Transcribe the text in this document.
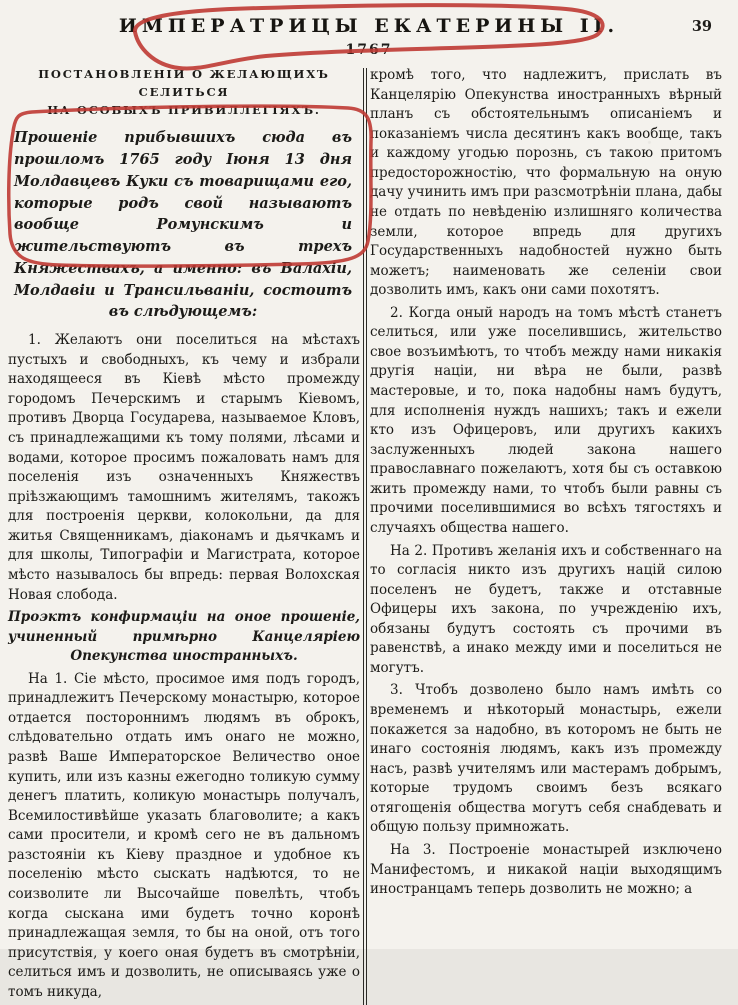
ИМПЕРАТРИЦЫ ЕКАТЕРИНЫ II.
1767
39
ПОСТАНОВЛЕНІИ О ЖЕЛАЮЩИХЪ СЕЛИТЬСЯ
НА ОСОБЫХЪ ПРИВИЛЛЕГІЯХЪ.

Прошеніе прибывшихъ сюда въ прошломъ 1765 году Іюня 13 дня Молдавцевъ Куки съ товарищами его, которые родъ свой называютъ вообще Ромунскимъ и жительствуютъ въ трехъ Княжествахъ, а именно: въ Валахіи, Молдавіи и Трансильваніи, состоитъ въ слѣдующемъ:

1. Желаютъ они поселиться на мѣстахъ пустыхъ и свободныхъ, къ чему и избрали находящееся въ Кіевѣ мѣсто промежду городомъ Печерскимъ и старымъ Кіевомъ, противъ Дворца Государева, называемое Кловъ, съ принадлежащими къ тому полями, лѣсами и водами, которое просимъ пожаловать намъ для поселенія изъ означенныхъ Княжествъ пріѣзжающимъ тамошнимъ жителямъ, такожъ для построенія церкви, колокольни, да для житья Священникамъ, діаконамъ и дьячкамъ и для школы, Типографіи и Магистрата, которое мѣсто называлось бы впредь: первая Волохская Новая слобода.

Проэктъ конфирмаціи на оное прошеніе, учиненный примѣрно Канцеляріею Опекунства иностранныхъ.

На 1. Сіе мѣсто, просимое имя подъ городъ, принадлежитъ Печерскому монастырю, которое отдается постороннимъ людямъ въ оброкъ, слѣдовательно отдать имъ онаго не можно, развѣ Ваше Императорское Величество оное купить, или изъ казны ежегодно толикую сумму денегъ платить, коликую монастырь получалъ, Всемилостивѣйше указать благоволите; а какъ сами просители, и кромѣ сего не въ дальномъ разстояніи къ Кіеву праздное и удобное къ поселенію мѣсто сыскать надѣются, то не соизволите ли Высочайше повелѣть, чтобъ когда сыскана ими будетъ точно коронѣ принадлежащая земля, то бы на оной, отъ того присутствія, у коего оная будетъ въ смотрѣніи, селиться имъ и дозволить, не описываясь уже о томъ никуда,

кромѣ того, что надлежитъ, прислать въ Канцелярію Опекунства иностранныхъ вѣрный планъ съ обстоятельнымъ описаніемъ и показаніемъ числа десятинъ какъ вообще, такъ и каждому угодью порознь, съ такою притомъ предосторожностію, что формальную на оную дачу учинить имъ при разсмотрѣніи плана, дабы не отдать по невѣденію излишняго количества земли, которое впредь для другихъ Государственныхъ надобностей нужно быть можетъ; наименовать же селеніи свои дозволить имъ, какъ они сами похотятъ.

2. Когда оный народъ на томъ мѣстѣ станетъ селиться, или уже поселившись, жительство свое возъимѣютъ, то чтобъ между нами никакія другія націи, ни вѣра не были, развѣ мастеровые, и то, пока надобны намъ будутъ, для исполненія нуждъ нашихъ; такъ и ежели кто изъ Офицеровъ, или другихъ какихъ заслуженныхъ людей закона нашего православнаго пожелаютъ, хотя бы съ оставкою жить промежду нами, то чтобъ были равны съ прочими поселившимися во всѣхъ тягостяхъ и случаяхъ общества нашего.

На 2. Противъ желанія ихъ и собственнаго на то согласія никто изъ другихъ націй силою поселенъ не будетъ, также и отставные Офицеры ихъ закона, по учрежденію ихъ, обязаны будутъ состоять съ прочими въ равенствѣ, а инако между ими и поселиться не могутъ.

3. Чтобъ дозволено было намъ имѣть со временемъ и нѣкоторый монастырь, ежели покажется за надобно, въ которомъ не быть не инаго состоянія людямъ, какъ изъ промежду насъ, развѣ учителямъ или мастерамъ добрымъ, которые трудомъ своимъ безъ всякаго отягощенія общества могутъ себя снабдевать и общую пользу примножать.

На 3. Построеніе монастырей изключено Манифестомъ, и никакой націи выходящимъ иностранцамъ теперь дозволить не можно; а
